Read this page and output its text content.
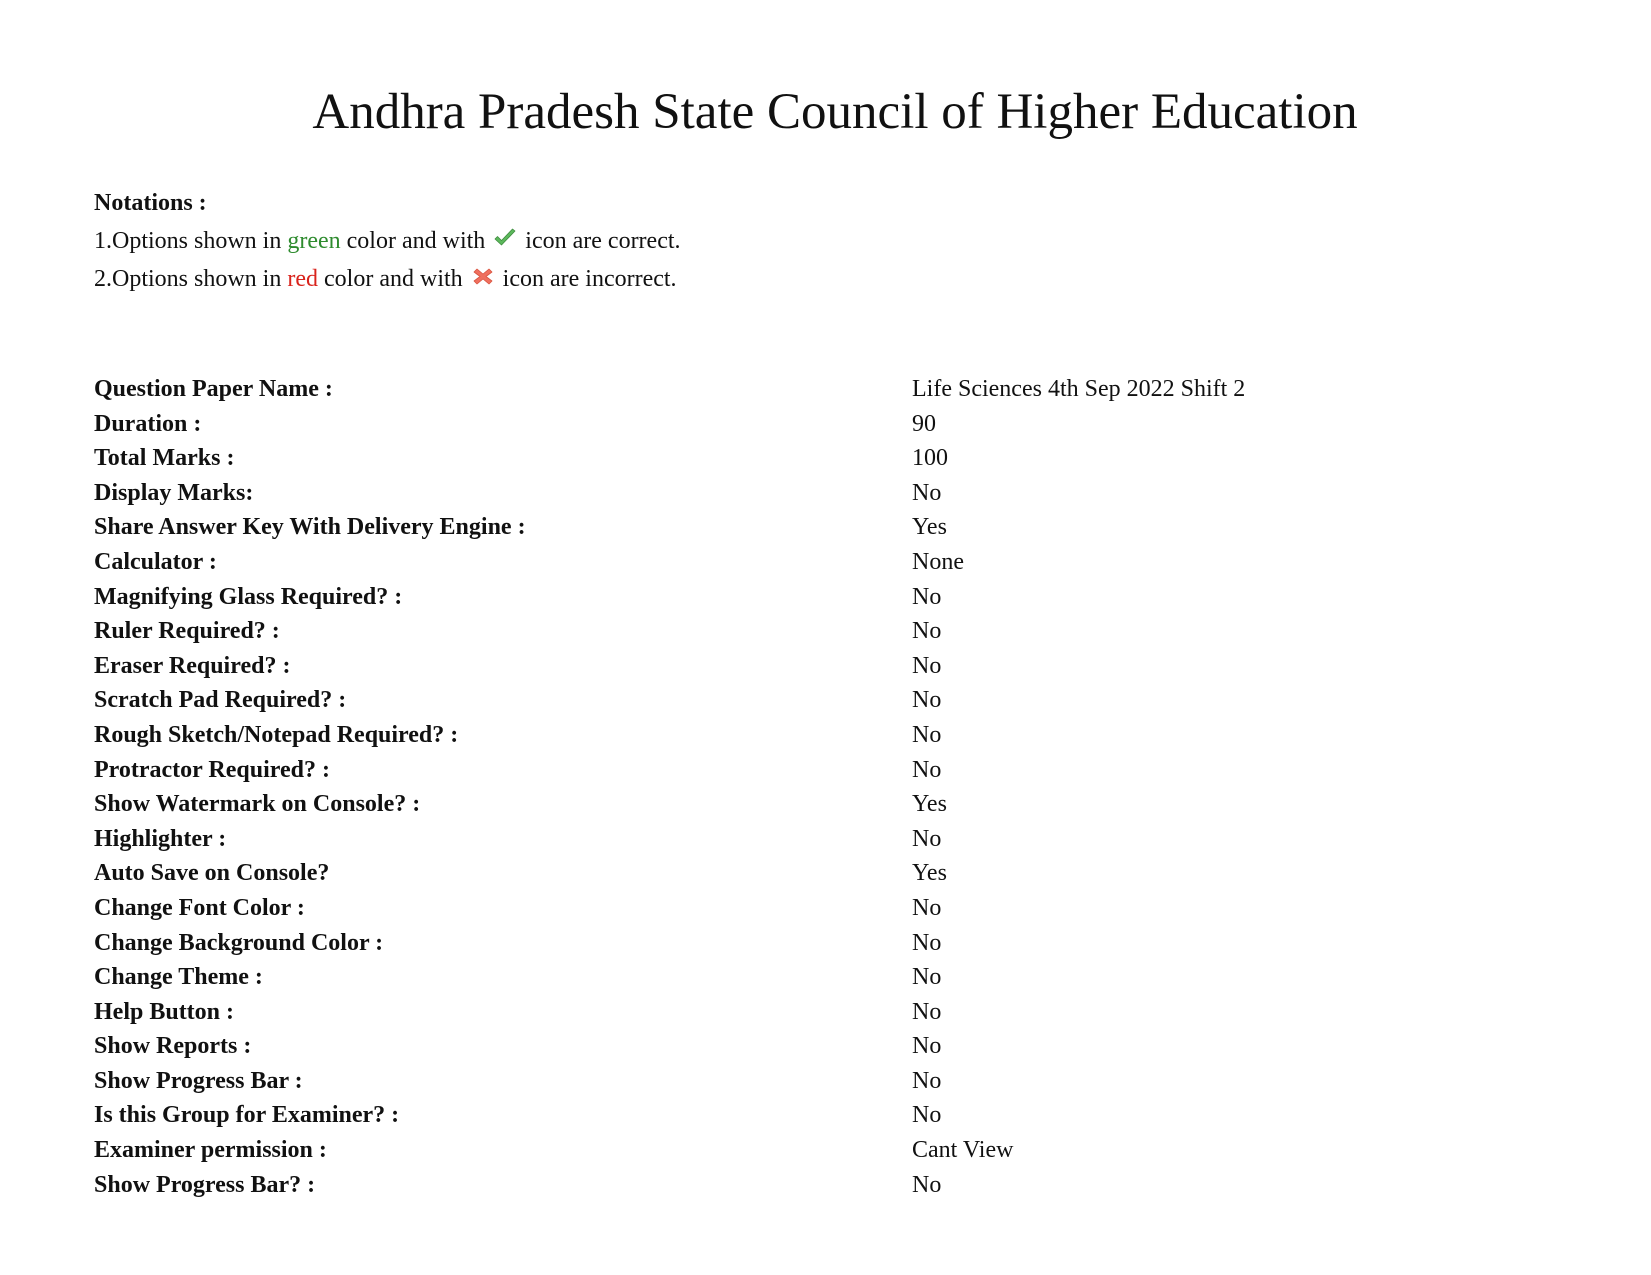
Andhra Pradesh State Council of Higher Education
Notations :
1.Options shown in green color and with
icon are correct.
2.Options shown in red color and with
icon are incorrect.
Question Paper Name :	Life Sciences 4th Sep 2022 Shift 2
Duration :	90
Total Marks :	100
Display Marks:	No
Share Answer Key With Delivery Engine :	Yes
Calculator :	None
Magnifying Glass Required? :	No
Ruler Required? :	No
Eraser Required? :	No
Scratch Pad Required? :	No
Rough Sketch/Notepad Required? :	No
Protractor Required? :	No
Show Watermark on Console? :	Yes
Highlighter :	No
Auto Save on Console?	Yes
Change Font Color :	No
Change Background Color :	No
Change Theme :	No
Help Button :	No
Show Reports :	No
Show Progress Bar :	No
Is this Group for Examiner? :	No
Examiner permission :	Cant View
Show Progress Bar? :	No
